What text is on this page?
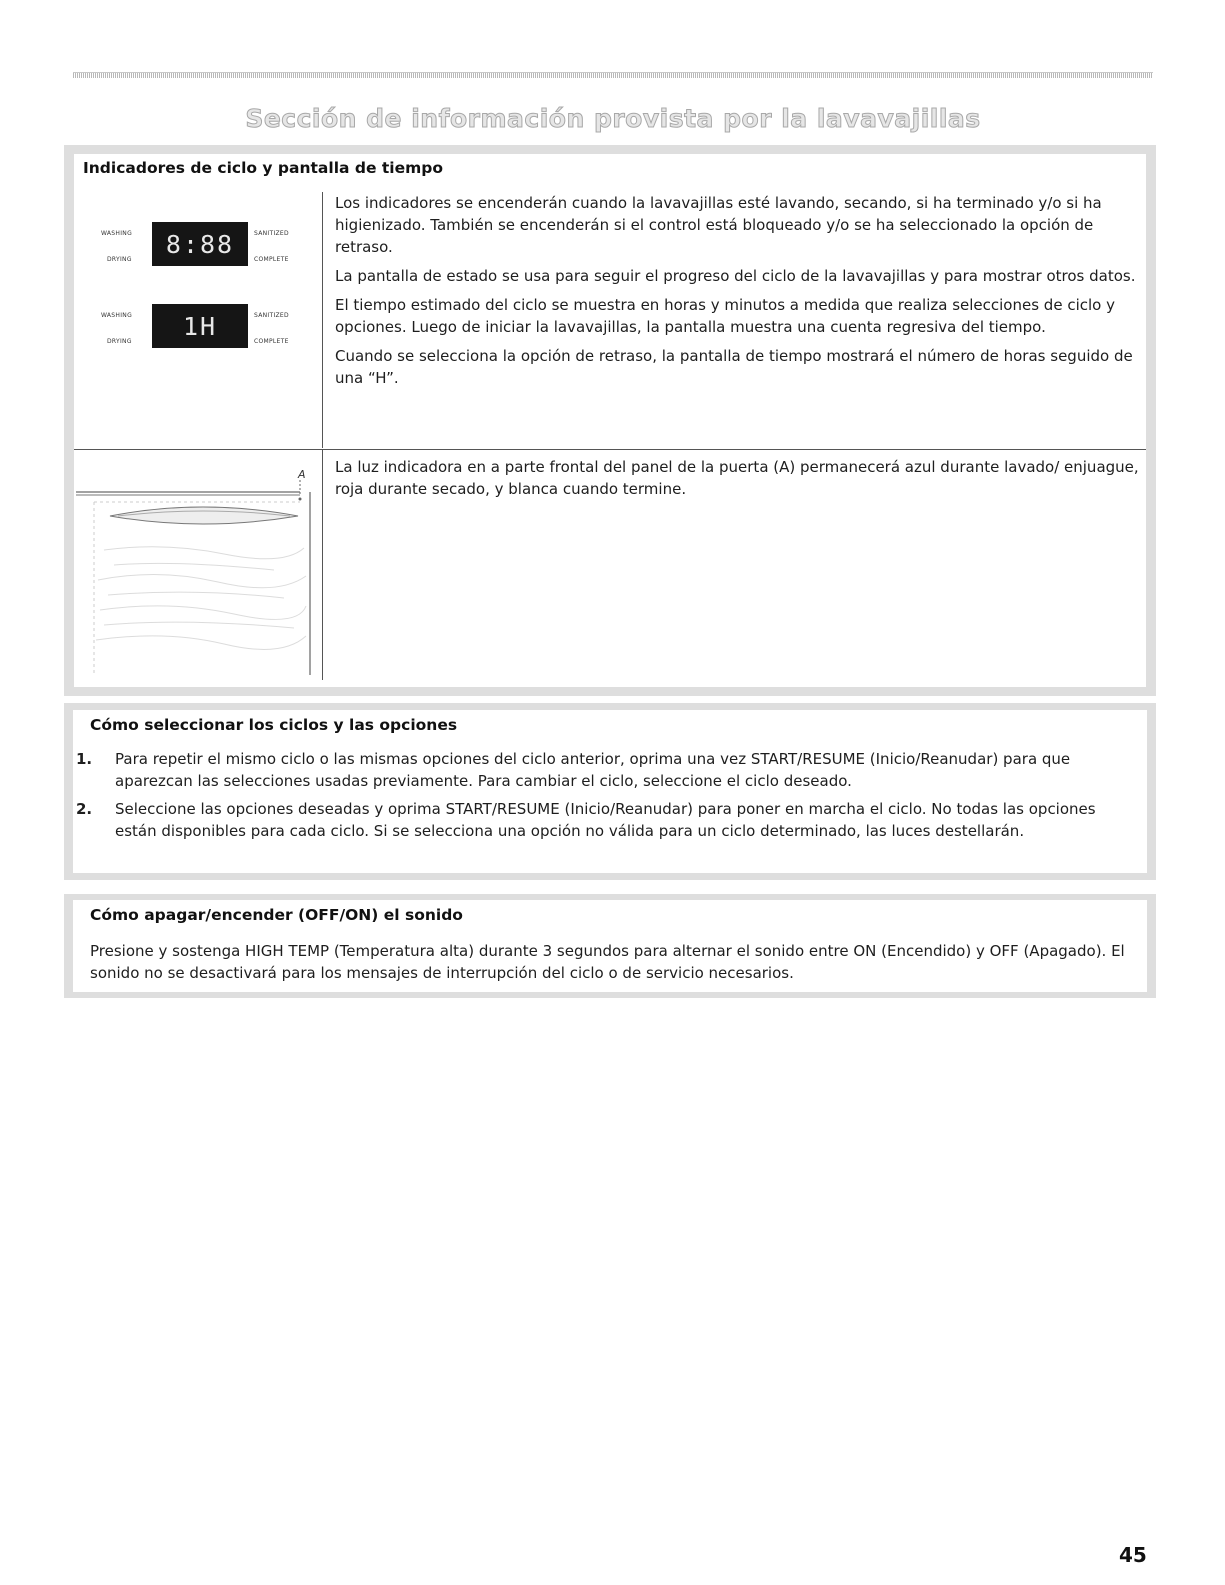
Sección de información provista por la lavavajillas
Indicadores de ciclo y pantalla de tiempo
WASHING
DRYING
8:88	SANITIZED
COMPLETE
WASHING
DRYING
1H	SANITIZED
COMPLETE

Los indicadores se encenderán cuando la lavavajillas esté lavando, secando, si ha terminado y/o si ha higienizado. También se encenderán si el control está bloqueado y/o se ha seleccionado la opción de retraso.

La pantalla de estado se usa para seguir el progreso del ciclo de la lavavajillas y para mostrar otros datos.

El tiempo estimado del ciclo se muestra en horas y minutos a medida que realiza selecciones de ciclo y opciones. Luego de iniciar la lavavajillas, la pantalla muestra una cuenta regresiva del tiempo.

Cuando se selecciona la opción de retraso, la pantalla de tiempo mostrará el número de horas seguido de una “H”.

A La luz indicadora en a parte frontal del panel de la puerta (A) permanecerá azul durante lavado/ enjuague, roja durante secado, y blanca cuando termine.

Cómo seleccionar los ciclos y las opciones
1. Para repetir el mismo ciclo o las mismas opciones del ciclo anterior, oprima una vez START/RESUME (Inicio/Reanudar) para que aparezcan las selecciones usadas previamente. Para cambiar el ciclo, seleccione el ciclo deseado.
2. Seleccione las opciones deseadas y oprima START/RESUME (Inicio/Reanudar) para poner en marcha el ciclo. No todas las opciones están disponibles para cada ciclo. Si se selecciona una opción no válida para un ciclo determinado, las luces destellarán.
Cómo apagar/encender (OFF/ON) el sonido
Presione y sostenga HIGH TEMP (Temperatura alta) durante 3 segundos para alternar el sonido entre ON (Encendido) y OFF (Apagado). El sonido no se desactivará para los mensajes de interrupción del ciclo o de servicio necesarios.
45
